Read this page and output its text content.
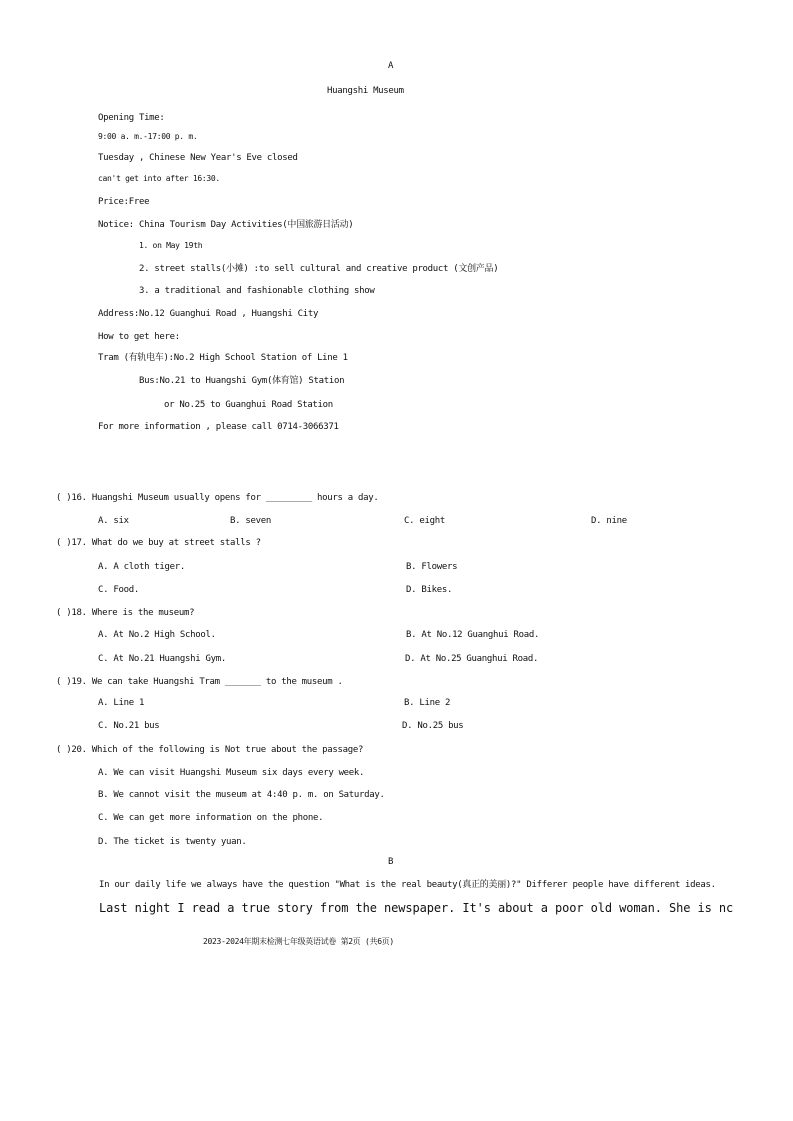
A
Huangshi Museum
Opening Time:
9:00 a. m.-17:00 p. m.
Tuesday , Chinese New Year's Eve closed
can't get into after 16:30.
Price:Free
Notice: China Tourism Day Activities(中国旅游日活动)
1. on May 19th
2. street stalls(小摊) :to sell cultural and creative product (文创产品)
3. a traditional and fashionable clothing show
Address:No.12 Guanghui Road , Huangshi City
How to get here:
Tram (有轨电车):No.2 High School Station of Line 1
Bus:No.21 to Huangshi Gym(体育馆) Station
or No.25 to Guanghui Road Station
For more information , please call 0714-3066371
( )16. Huangshi Museum usually opens for _________ hours a day.
A. six	B. seven	C. eight	D. nine
( )17. What do we buy at street stalls ?
A. A cloth tiger.	B. Flowers
C. Food.	D. Bikes.
( )18. Where is the museum?
A. At No.2 High School.	B. At No.12 Guanghui Road.
C. At No.21 Huangshi Gym.	D. At No.25 Guanghui Road.
( )19. We can take Huangshi Tram _______ to the museum .
A. Line 1	B. Line 2
C. No.21 bus	D. No.25 bus
( )20. Which of the following is Not true about the passage?
A. We can visit Huangshi Museum six days every week.
B. We cannot visit the museum at 4:40 p. m. on Saturday.
C. We can get more information on the phone.
D. The ticket is twenty yuan.
B
In our daily life we always have the question "What is the real beauty(真正的美丽)?" Differer people have different ideas.
Last night I read a true story from the newspaper. It's about a poor old woman. She is nc
2023-2024年期末检测七年级英语试卷 第2页 (共6页)
